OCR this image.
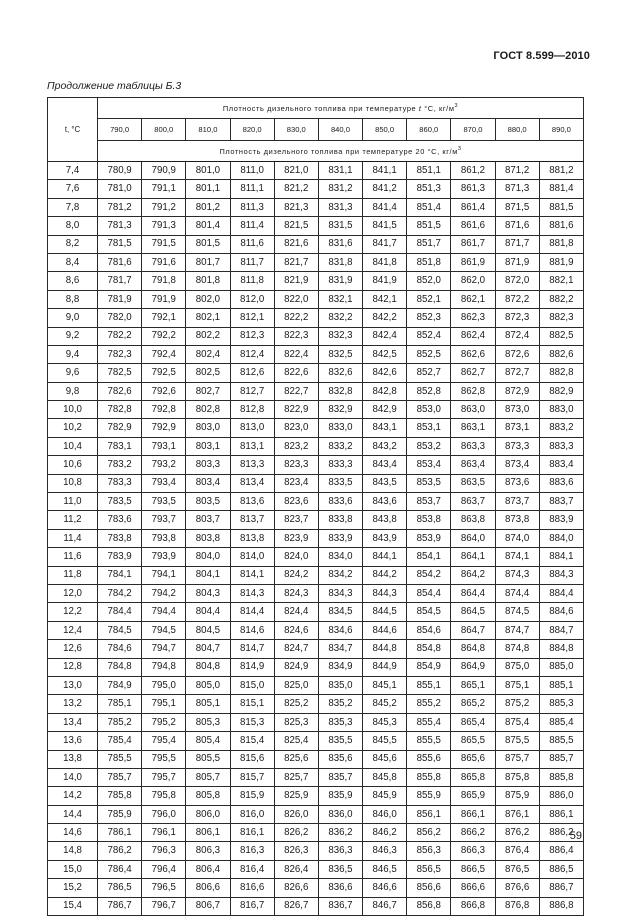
ГОСТ 8.599—2010
Продолжение таблицы Б.3
t, °C	Плотность дизельного топлива при температуре t °С, $кг/м^3$
	790,0	800,0	810,0	820,0	830,0	840,0	850,0	860,0	870,0	880,0	890,0
	Плотность дизельного топлива при температуре 20 °С, $кг/м^3$
7,4	780,9	790,9	801,0	811,0	821,0	831,1	841,1	851,1	861,2	871,2	881,2
7,6	781,0	791,1	801,1	811,1	821,2	831,2	841,2	851,3	861,3	871,3	881,4
7,8	781,2	791,2	801,2	811,3	821,3	831,3	841,4	851,4	861,4	871,5	881,5
8,0	781,3	791,3	801,4	811,4	821,5	831,5	841,5	851,5	861,6	871,6	881,6
8,2	781,5	791,5	801,5	811,6	821,6	831,6	841,7	851,7	861,7	871,7	881,8
8,4	781,6	791,6	801,7	811,7	821,7	831,8	841,8	851,8	861,9	871,9	881,9
8,6	781,7	791,8	801,8	811,8	821,9	831,9	841,9	852,0	862,0	872,0	882,1
8,8	781,9	791,9	802,0	812,0	822,0	832,1	842,1	852,1	862,1	872,2	882,2
9,0	782,0	792,1	802,1	812,1	822,2	832,2	842,2	852,3	862,3	872,3	882,3
9,2	782,2	792,2	802,2	812,3	822,3	832,3	842,4	852,4	862,4	872,4	882,5
9,4	782,3	792,4	802,4	812,4	822,4	832,5	842,5	852,5	862,6	872,6	882,6
9,6	782,5	792,5	802,5	812,6	822,6	832,6	842,6	852,7	862,7	872,7	882,8
9,8	782,6	792,6	802,7	812,7	822,7	832,8	842,8	852,8	862,8	872,9	882,9
10,0	782,8	792,8	802,8	812,8	822,9	832,9	842,9	853,0	863,0	873,0	883,0
10,2	782,9	792,9	803,0	813,0	823,0	833,0	843,1	853,1	863,1	873,1	883,2
10,4	783,1	793,1	803,1	813,1	823,2	833,2	843,2	853,2	863,3	873,3	883,3
10,6	783,2	793,2	803,3	813,3	823,3	833,3	843,4	853,4	863,4	873,4	883,4
10,8	783,3	793,4	803,4	813,4	823,4	833,5	843,5	853,5	863,5	873,6	883,6
11,0	783,5	793,5	803,5	813,6	823,6	833,6	843,6	853,7	863,7	873,7	883,7
11,2	783,6	793,7	803,7	813,7	823,7	833,8	843,8	853,8	863,8	873,8	883,9
11,4	783,8	793,8	803,8	813,8	823,9	833,9	843,9	853,9	864,0	874,0	884,0
11,6	783,9	793,9	804,0	814,0	824,0	834,0	844,1	854,1	864,1	874,1	884,1
11,8	784,1	794,1	804,1	814,1	824,2	834,2	844,2	854,2	864,2	874,3	884,3
12,0	784,2	794,2	804,3	814,3	824,3	834,3	844,3	854,4	864,4	874,4	884,4
12,2	784,4	794,4	804,4	814,4	824,4	834,5	844,5	854,5	864,5	874,5	884,6
12,4	784,5	794,5	804,5	814,6	824,6	834,6	844,6	854,6	864,7	874,7	884,7
12,6	784,6	794,7	804,7	814,7	824,7	834,7	844,8	854,8	864,8	874,8	884,8
12,8	784,8	794,8	804,8	814,9	824,9	834,9	844,9	854,9	864,9	875,0	885,0
13,0	784,9	795,0	805,0	815,0	825,0	835,0	845,1	855,1	865,1	875,1	885,1
13,2	785,1	795,1	805,1	815,1	825,2	835,2	845,2	855,2	865,2	875,2	885,3
13,4	785,2	795,2	805,3	815,3	825,3	835,3	845,3	855,4	865,4	875,4	885,4
13,6	785,4	795,4	805,4	815,4	825,4	835,5	845,5	855,5	865,5	875,5	885,5
13,8	785,5	795,5	805,5	815,6	825,6	835,6	845,6	855,6	865,6	875,7	885,7
14,0	785,7	795,7	805,7	815,7	825,7	835,7	845,8	855,8	865,8	875,8	885,8
14,2	785,8	795,8	805,8	815,9	825,9	835,9	845,9	855,9	865,9	875,9	886,0
14,4	785,9	796,0	806,0	816,0	826,0	836,0	846,0	856,1	866,1	876,1	886,1
14,6	786,1	796,1	806,1	816,1	826,2	836,2	846,2	856,2	866,2	876,2	886,2
14,8	786,2	796,3	806,3	816,3	826,3	836,3	846,3	856,3	866,3	876,4	886,4
15,0	786,4	796,4	806,4	816,4	826,4	836,5	846,5	856,5	866,5	876,5	886,5
15,2	786,5	796,5	806,6	816,6	826,6	836,6	846,6	856,6	866,6	876,6	886,7
15,4	786,7	796,7	806,7	816,7	826,7	836,7	846,7	856,8	866,8	876,8	886,8
59
